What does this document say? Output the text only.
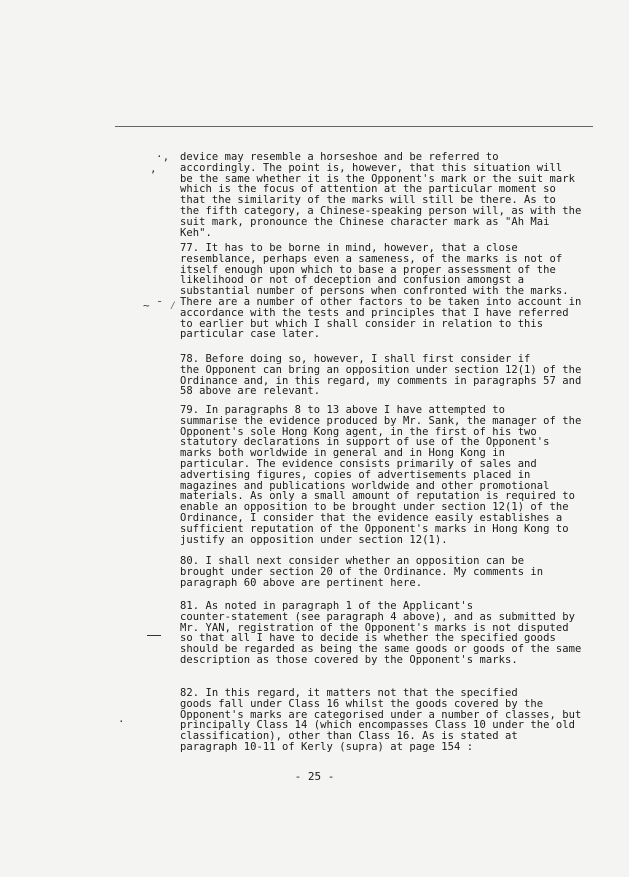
·,
,
~ ˉ ⁄
·
device may resemble a horseshoe and be referred to
accordingly. The point is, however, that this situation will
be the same whether it is the Opponent's mark or the suit mark
which is the focus of attention at the particular moment so
that the similarity of the marks will still be there. As to
the fifth category, a Chinese-speaking person will, as with the
suit mark, pronounce the Chinese character mark as "Ah Mai
Keh".
77. It has to be borne in mind, however, that a close
resemblance, perhaps even a sameness, of the marks is not of
itself enough upon which to base a proper assessment of the
likelihood or not of deception and confusion amongst a
substantial number of persons when confronted with the marks.
There are a number of other factors to be taken into account in
accordance with the tests and principles that I have referred
to earlier but which I shall consider in relation to this
particular case later.
78. Before doing so, however, I shall first consider if
the Opponent can bring an opposition under section 12(1) of the
Ordinance and, in this regard, my comments in paragraphs 57 and
58 above are relevant.
79. In paragraphs 8 to 13 above I have attempted to
summarise the evidence produced by Mr. Sank, the manager of the
Opponent's sole Hong Kong agent, in the first of his two
statutory declarations in support of use of the Opponent's
marks both worldwide in general and in Hong Kong in
particular. The evidence consists primarily of sales and
advertising figures, copies of advertisements placed in
magazines and publications worldwide and other promotional
materials. As only a small amount of reputation is required to
enable an opposition to be brought under section 12(1) of the
Ordinance, I consider that the evidence easily establishes a
sufficient reputation of the Opponent's marks in Hong Kong to
justify an opposition under section 12(1).
80. I shall next consider whether an opposition can be
brought under section 20 of the Ordinance. My comments in
paragraph 60 above are pertinent here.
81. As noted in paragraph 1 of the Applicant's
counter-statement (see paragraph 4 above), and as submitted by
Mr. YAN, registration of the Opponent's marks is not disputed
so that all I have to decide is whether the specified goods
should be regarded as being the same goods or goods of the same
description as those covered by the Opponent's marks.
82. In this regard, it matters not that the specified
goods fall under Class 16 whilst the goods covered by the
Opponent's marks are categorised under a number of classes, but
principally Class 14 (which encompasses Class 10 under the old
classification), other than Class 16. As is stated at
paragraph 10-11 of Kerly (supra) at page 154 :
- 25 -
